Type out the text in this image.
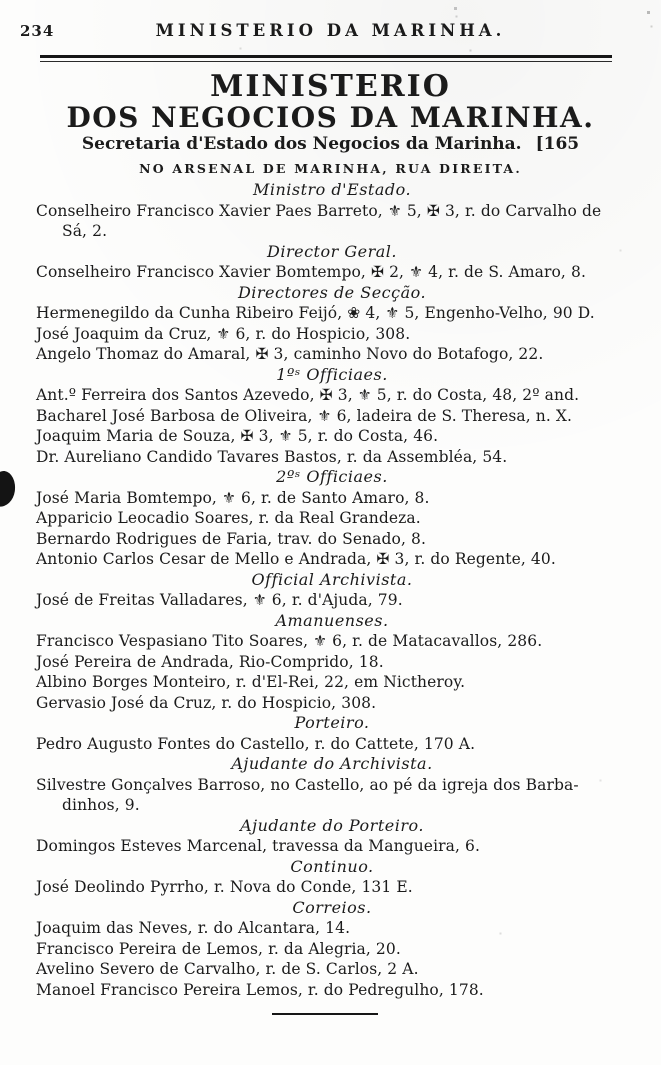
234	MINISTERIO DA MARINHA.
MINISTERIO
DOS NEGOCIOS DA MARINHA.
Secretaria d'Estado dos Negocios da Marinha. [165
NO ARSENAL DE MARINHA, RUA DIREITA.
Ministro d'Estado.

Conselheiro Francisco Xavier Paes Barreto, ⚜ 5, ✠ 3, r. do Carvalho de Sá, 2.

Director Geral.

Conselheiro Francisco Xavier Bomtempo, ✠ 2, ⚜ 4, r. de S. Amaro, 8.

Directores de Secção.

Hermenegildo da Cunha Ribeiro Feijó, ❀ 4, ⚜ 5, Engenho-Velho, 90 D.

José Joaquim da Cruz, ⚜ 6, r. do Hospicio, 308.

Angelo Thomaz do Amaral, ✠ 3, caminho Novo do Botafogo, 22.

1ºˢ Officiaes.

Ant.º Ferreira dos Santos Azevedo, ✠ 3, ⚜ 5, r. do Costa, 48, 2º and.

Bacharel José Barbosa de Oliveira, ⚜ 6, ladeira de S. Theresa, n. X.

Joaquim Maria de Souza, ✠ 3, ⚜ 5, r. do Costa, 46.

Dr. Aureliano Candido Tavares Bastos, r. da Assembléa, 54.

2ºˢ Officiaes.

José Maria Bomtempo, ⚜ 6, r. de Santo Amaro, 8.

Apparicio Leocadio Soares, r. da Real Grandeza.

Bernardo Rodrigues de Faria, trav. do Senado, 8.

Antonio Carlos Cesar de Mello e Andrada, ✠ 3, r. do Regente, 40.

Official Archivista.

José de Freitas Valladares, ⚜ 6, r. d'Ajuda, 79.

Amanuenses.

Francisco Vespasiano Tito Soares, ⚜ 6, r. de Matacavallos, 286.

José Pereira de Andrada, Rio-Comprido, 18.

Albino Borges Monteiro, r. d'El-Rei, 22, em Nictheroy.

Gervasio José da Cruz, r. do Hospicio, 308.

Porteiro.

Pedro Augusto Fontes do Castello, r. do Cattete, 170 A.

Ajudante do Archivista.

Silvestre Gonçalves Barroso, no Castello, ao pé da igreja dos Barbadinhos, 9.

Ajudante do Porteiro.

Domingos Esteves Marcenal, travessa da Mangueira, 6.

Continuo.

José Deolindo Pyrrho, r. Nova do Conde, 131 E.

Correios.

Joaquim das Neves, r. do Alcantara, 14.

Francisco Pereira de Lemos, r. da Alegria, 20.

Avelino Severo de Carvalho, r. de S. Carlos, 2 A.

Manoel Francisco Pereira Lemos, r. do Pedregulho, 178.
